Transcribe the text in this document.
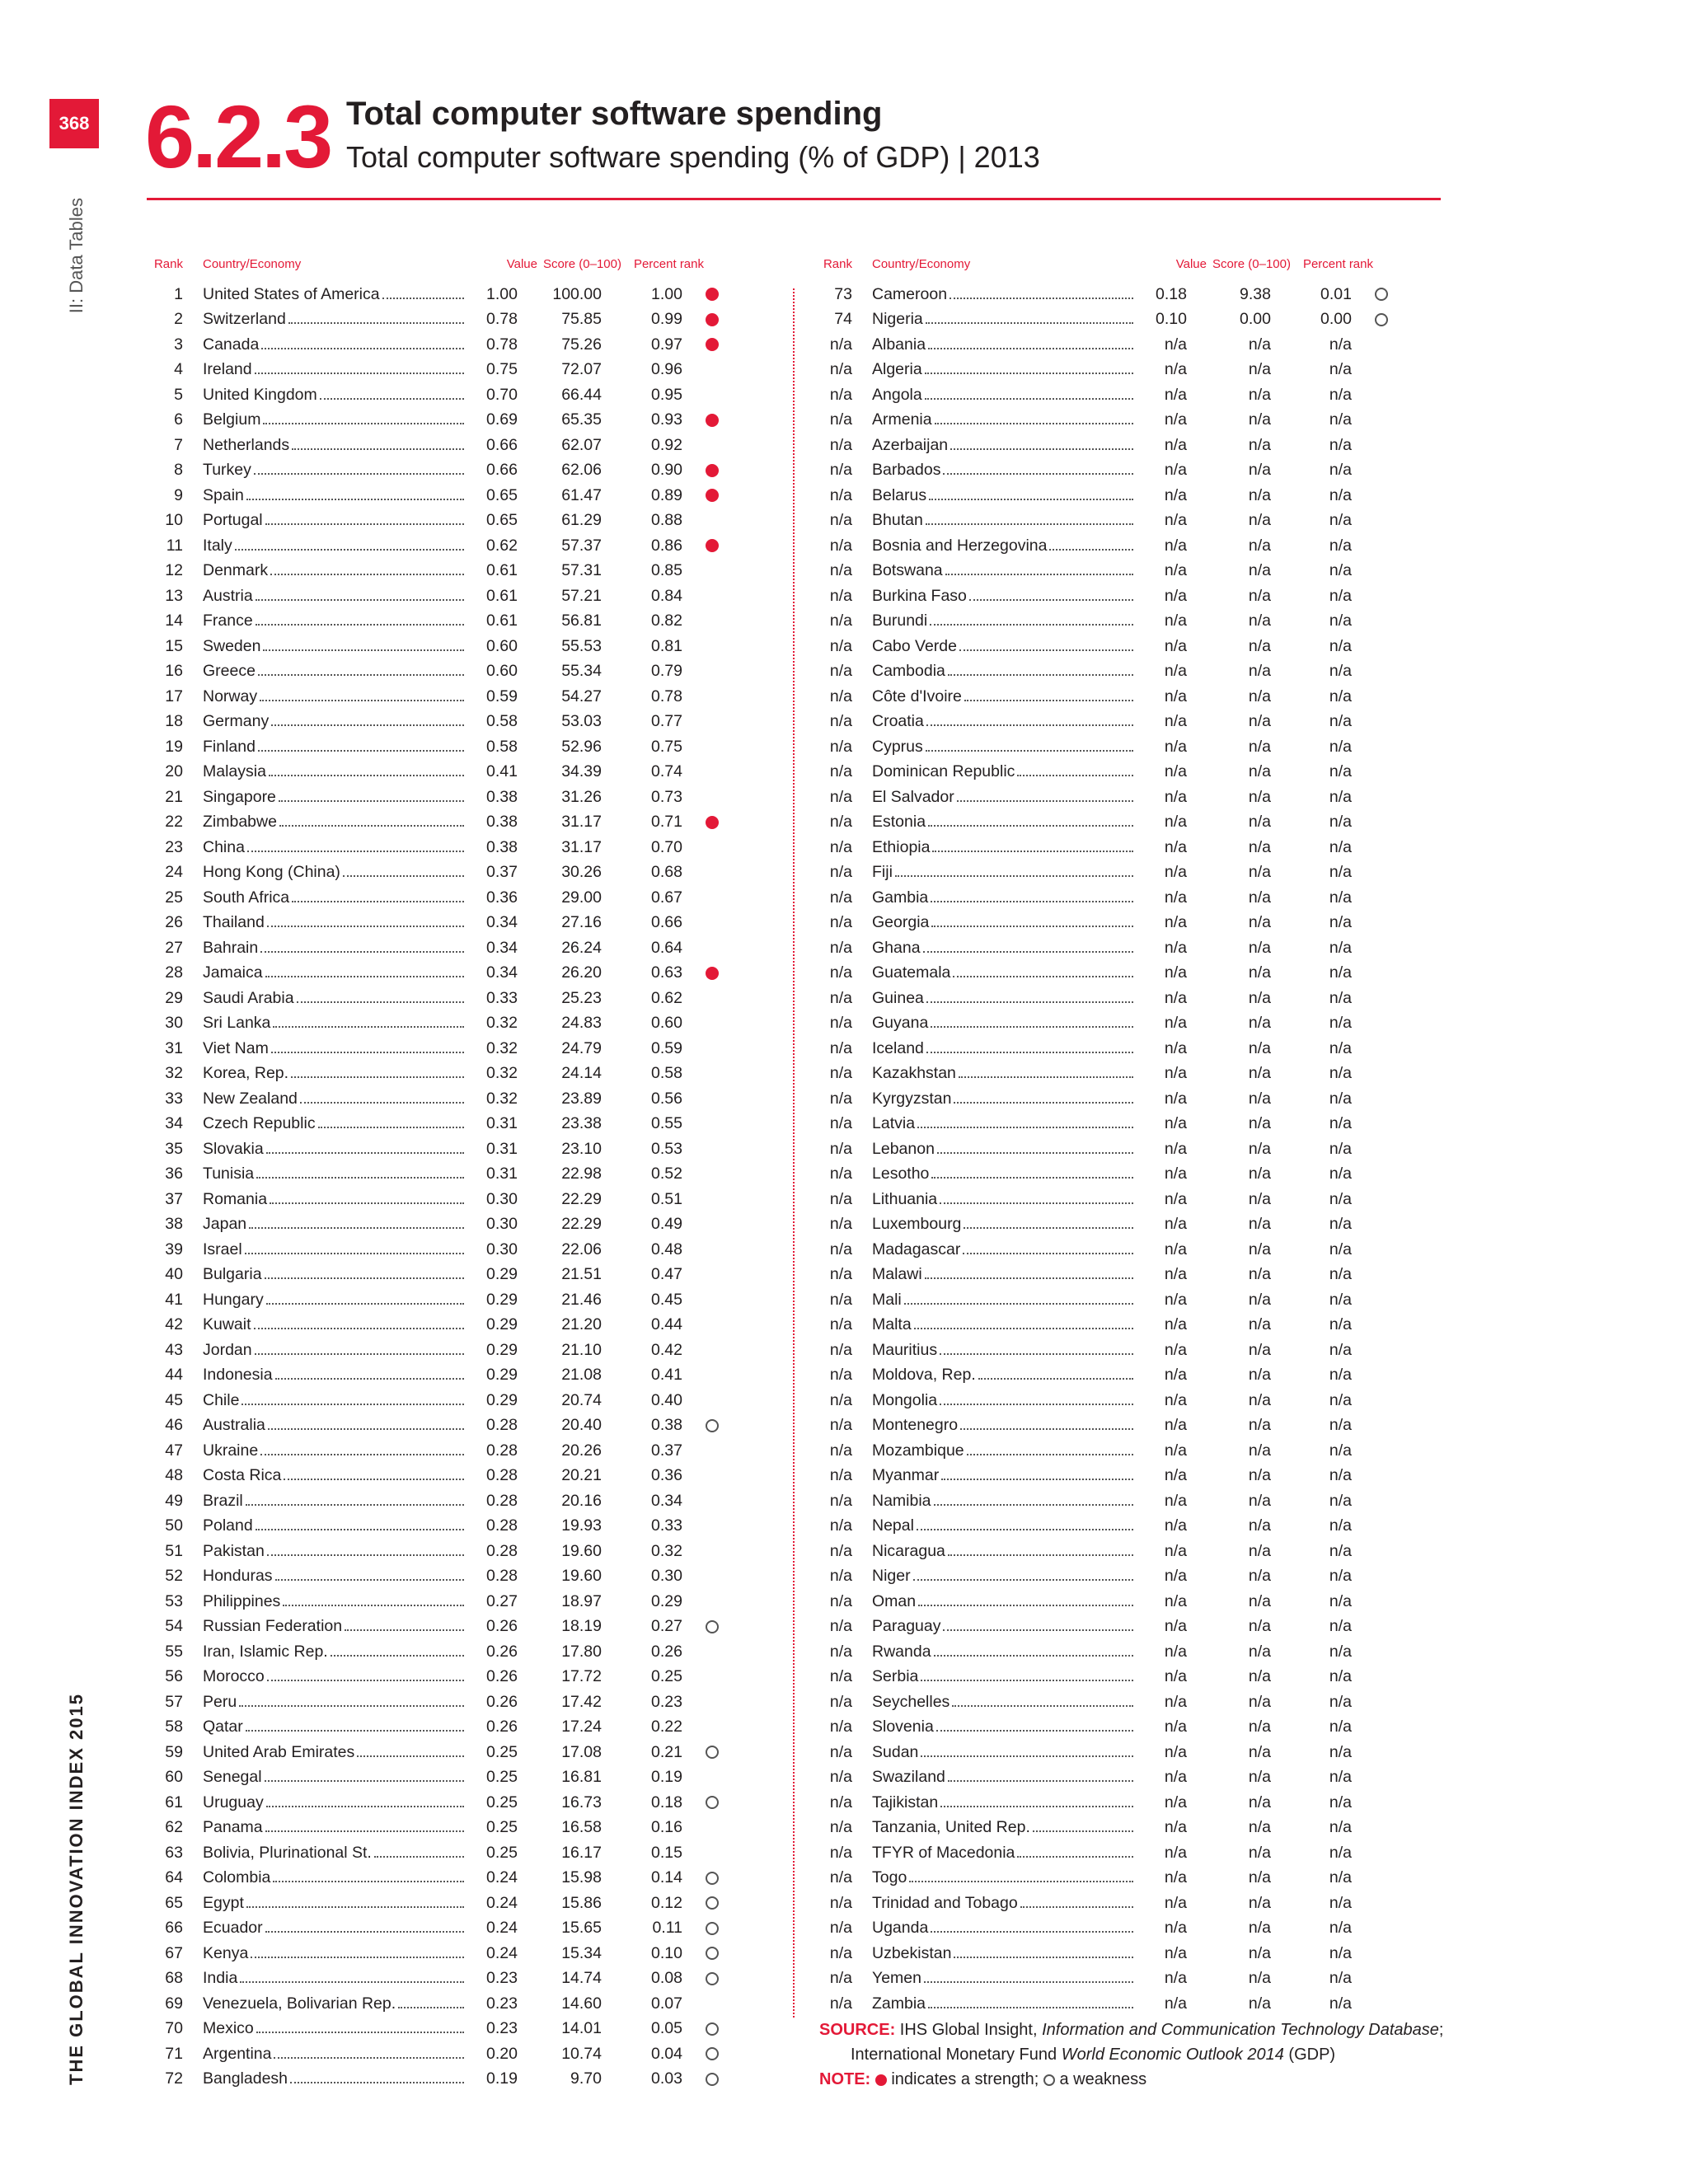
368
II: Data Tables
THE GLOBAL INNOVATION INDEX 2015
6.2.3 Total computer software spending
Total computer software spending (% of GDP) | 2013
Rank Country/Economy	Value Score (0–100) Percent rank
1 United States of America	1.00	100.00	1.00
2 Switzerland	0.78	75.85	0.99
3 Canada	0.78	75.26	0.97
4 Ireland	0.75	72.07	0.96
5 United Kingdom	0.70	66.44	0.95
6 Belgium	0.69	65.35	0.93
7 Netherlands	0.66	62.07	0.92
8 Turkey	0.66	62.06	0.90
9 Spain	0.65	61.47	0.89
10 Portugal	0.65	61.29	0.88
11 Italy	0.62	57.37	0.86
12 Denmark	0.61	57.31	0.85
13 Austria	0.61	57.21	0.84
14 France	0.61	56.81	0.82
15 Sweden	0.60	55.53	0.81
16 Greece	0.60	55.34	0.79
17 Norway	0.59	54.27	0.78
18 Germany	0.58	53.03	0.77
19 Finland	0.58	52.96	0.75
20 Malaysia	0.41	34.39	0.74
21 Singapore	0.38	31.26	0.73
22 Zimbabwe	0.38	31.17	0.71
23 China	0.38	31.17	0.70
24 Hong Kong (China)	0.37	30.26	0.68
25 South Africa	0.36	29.00	0.67
26 Thailand	0.34	27.16	0.66
27 Bahrain	0.34	26.24	0.64
28 Jamaica	0.34	26.20	0.63
29 Saudi Arabia	0.33	25.23	0.62
30 Sri Lanka	0.32	24.83	0.60
31 Viet Nam	0.32	24.79	0.59
32 Korea, Rep.	0.32	24.14	0.58
33 New Zealand	0.32	23.89	0.56
34 Czech Republic	0.31	23.38	0.55
35 Slovakia	0.31	23.10	0.53
36 Tunisia	0.31	22.98	0.52
37 Romania	0.30	22.29	0.51
38 Japan	0.30	22.29	0.49
39 Israel	0.30	22.06	0.48
40 Bulgaria	0.29	21.51	0.47
41 Hungary	0.29	21.46	0.45
42 Kuwait	0.29	21.20	0.44
43 Jordan	0.29	21.10	0.42
44 Indonesia	0.29	21.08	0.41
45 Chile	0.29	20.74	0.40
46 Australia	0.28	20.40	0.38
47 Ukraine	0.28	20.26	0.37
48 Costa Rica	0.28	20.21	0.36
49 Brazil	0.28	20.16	0.34
50 Poland	0.28	19.93	0.33
51 Pakistan	0.28	19.60	0.32
52 Honduras	0.28	19.60	0.30
53 Philippines	0.27	18.97	0.29
54 Russian Federation	0.26	18.19	0.27
55 Iran, Islamic Rep.	0.26	17.80	0.26
56 Morocco	0.26	17.72	0.25
57 Peru	0.26	17.42	0.23
58 Qatar	0.26	17.24	0.22
59 United Arab Emirates	0.25	17.08	0.21
60 Senegal	0.25	16.81	0.19
61 Uruguay	0.25	16.73	0.18
62 Panama	0.25	16.58	0.16
63 Bolivia, Plurinational St.	0.25	16.17	0.15
64 Colombia	0.24	15.98	0.14
65 Egypt	0.24	15.86	0.12
66 Ecuador	0.24	15.65	0.11
67 Kenya	0.24	15.34	0.10
68 India	0.23	14.74	0.08
69 Venezuela, Bolivarian Rep.	0.23	14.60	0.07
70 Mexico	0.23	14.01	0.05
71 Argentina	0.20	10.74	0.04
72 Bangladesh	0.19	9.70	0.03
Rank Country/Economy	Value Score (0–100) Percent rank
73 Cameroon	0.18	9.38	0.01
74 Nigeria	0.10	0.00	0.00
n/a Albania	n/a	n/a	n/a
n/a Algeria	n/a	n/a	n/a
n/a Angola	n/a	n/a	n/a
n/a Armenia	n/a	n/a	n/a
n/a Azerbaijan	n/a	n/a	n/a
n/a Barbados	n/a	n/a	n/a
n/a Belarus	n/a	n/a	n/a
n/a Bhutan	n/a	n/a	n/a
n/a Bosnia and Herzegovina	n/a	n/a	n/a
n/a Botswana	n/a	n/a	n/a
n/a Burkina Faso	n/a	n/a	n/a
n/a Burundi	n/a	n/a	n/a
n/a Cabo Verde	n/a	n/a	n/a
n/a Cambodia	n/a	n/a	n/a
n/a Côte d'Ivoire	n/a	n/a	n/a
n/a Croatia	n/a	n/a	n/a
n/a Cyprus	n/a	n/a	n/a
n/a Dominican Republic	n/a	n/a	n/a
n/a El Salvador	n/a	n/a	n/a
n/a Estonia	n/a	n/a	n/a
n/a Ethiopia	n/a	n/a	n/a
n/a Fiji	n/a	n/a	n/a
n/a Gambia	n/a	n/a	n/a
n/a Georgia	n/a	n/a	n/a
n/a Ghana	n/a	n/a	n/a
n/a Guatemala	n/a	n/a	n/a
n/a Guinea	n/a	n/a	n/a
n/a Guyana	n/a	n/a	n/a
n/a Iceland	n/a	n/a	n/a
n/a Kazakhstan	n/a	n/a	n/a
n/a Kyrgyzstan	n/a	n/a	n/a
n/a Latvia	n/a	n/a	n/a
n/a Lebanon	n/a	n/a	n/a
n/a Lesotho	n/a	n/a	n/a
n/a Lithuania	n/a	n/a	n/a
n/a Luxembourg	n/a	n/a	n/a
n/a Madagascar	n/a	n/a	n/a
n/a Malawi	n/a	n/a	n/a
n/a Mali	n/a	n/a	n/a
n/a Malta	n/a	n/a	n/a
n/a Mauritius	n/a	n/a	n/a
n/a Moldova, Rep.	n/a	n/a	n/a
n/a Mongolia	n/a	n/a	n/a
n/a Montenegro	n/a	n/a	n/a
n/a Mozambique	n/a	n/a	n/a
n/a Myanmar	n/a	n/a	n/a
n/a Namibia	n/a	n/a	n/a
n/a Nepal	n/a	n/a	n/a
n/a Nicaragua	n/a	n/a	n/a
n/a Niger	n/a	n/a	n/a
n/a Oman	n/a	n/a	n/a
n/a Paraguay	n/a	n/a	n/a
n/a Rwanda	n/a	n/a	n/a
n/a Serbia	n/a	n/a	n/a
n/a Seychelles	n/a	n/a	n/a
n/a Slovenia	n/a	n/a	n/a
n/a Sudan	n/a	n/a	n/a
n/a Swaziland	n/a	n/a	n/a
n/a Tajikistan	n/a	n/a	n/a
n/a Tanzania, United Rep.	n/a	n/a	n/a
n/a TFYR of Macedonia	n/a	n/a	n/a
n/a Togo	n/a	n/a	n/a
n/a Trinidad and Tobago	n/a	n/a	n/a
n/a Uganda	n/a	n/a	n/a
n/a Uzbekistan	n/a	n/a	n/a
n/a Yemen	n/a	n/a	n/a
n/a Zambia	n/a	n/a	n/a
SOURCE: IHS Global Insight, Information and Communication Technology Database;
International Monetary Fund World Economic Outlook 2014 (GDP)
NOTE: indicates a strength; a weakness
